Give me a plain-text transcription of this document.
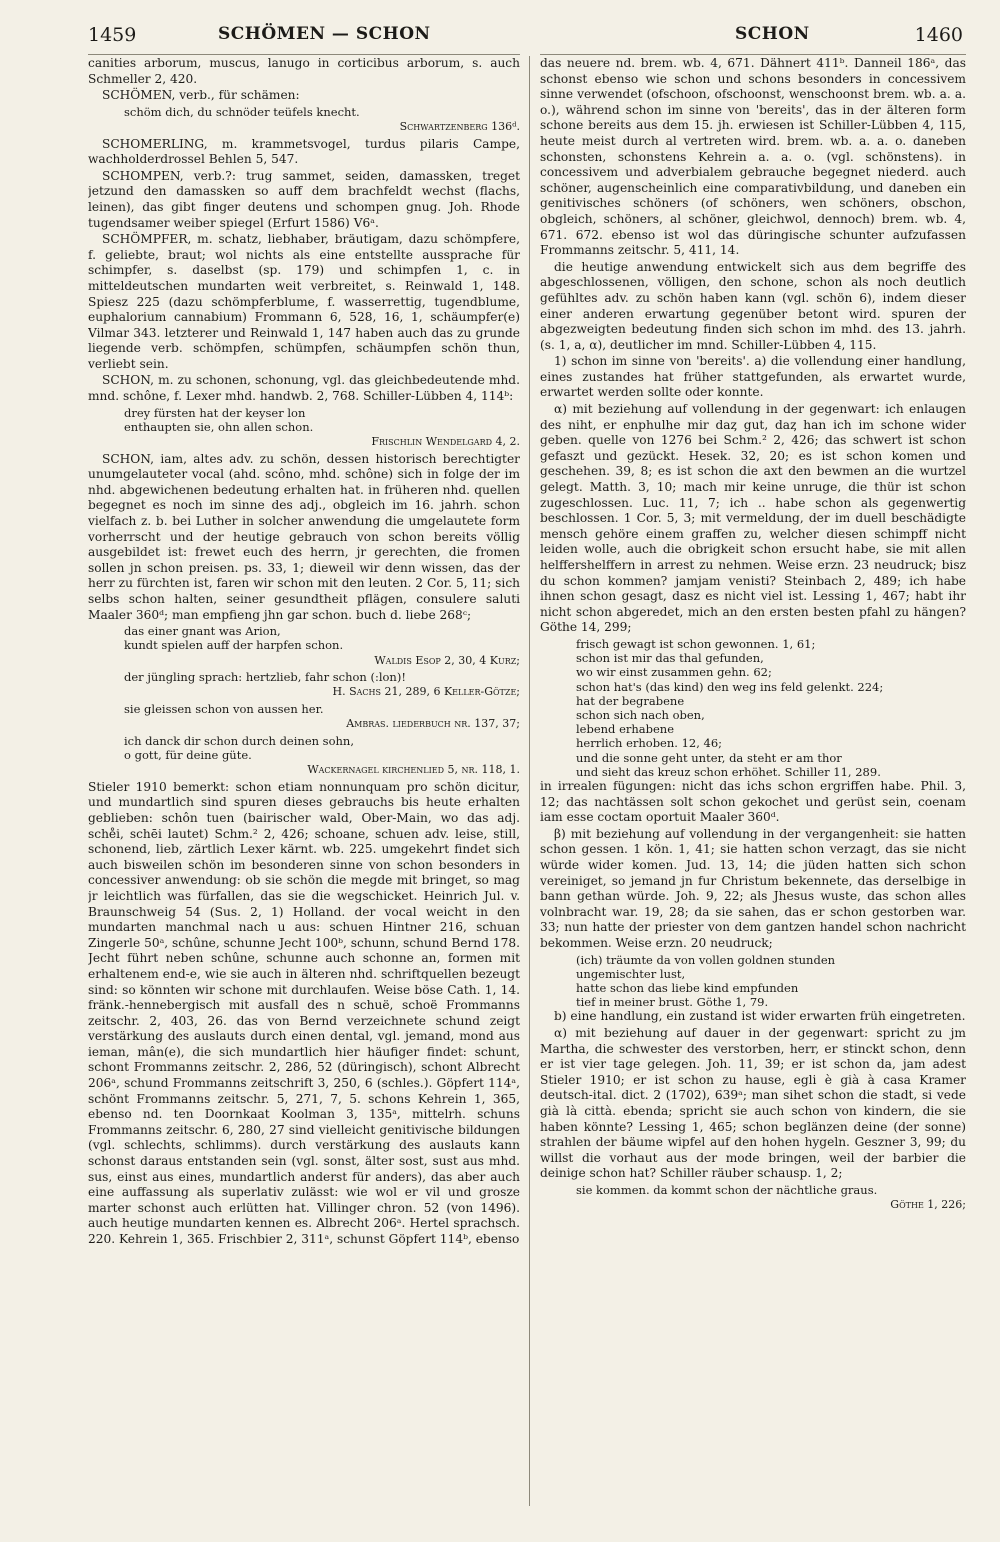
1459	SCHÖMEN — SCHON	SCHON	1460

canities arborum, muscus, lanugo in corticibus arborum, s. auch Schmeller 2, 420.

SCHÖMEN, verb., für schämen:

schöm dich, du schnöder teüfels knecht.
Schwartzenberg 136ᵈ.

SCHOMERLING, m. krammetsvogel, turdus pilaris Campe, wachholderdrossel Behlen 5, 547.

SCHOMPEN, verb.?: trug sammet, seiden, damassken, treget jetzund den damassken so auff dem brachfeldt wechst (flachs, leinen), das gibt finger deutens und schompen gnug. Joh. Rhode tugendsamer weiber spiegel (Erfurt 1586) V6ᵃ.

SCHÖMPFER, m. schatz, liebhaber, bräutigam, dazu schömpfere, f. geliebte, braut; wol nichts als eine entstellte aussprache für schimpfer, s. daselbst (sp. 179) und schimpfen 1, c. in mitteldeutschen mundarten weit verbreitet, s. Reinwald 1, 148. Spiesz 225 (dazu schömpferblume, f. wasserrettig, tugendblume, euphalorium cannabium) Frommann 6, 528, 16, 1, schäumpfer(e) Vilmar 343. letzterer und Reinwald 1, 147 haben auch das zu grunde liegende verb. schömpfen, schümpfen, schäumpfen schön thun, verliebt sein.

SCHON, m. zu schonen, schonung, vgl. das gleichbedeutende mhd. mnd. schône, f. Lexer mhd. handwb. 2, 768. Schiller-Lübben 4, 114ᵇ:

drey fürsten hat der keyser lon
enthaupten sie, ohn allen schon.
Frischlin Wendelgard 4, 2.

SCHON, iam, altes adv. zu schön, dessen historisch berechtigter unumgelauteter vocal (ahd. scôno, mhd. schône) sich in folge der im nhd. abgewichenen bedeutung erhalten hat. in früheren nhd. quellen begegnet es noch im sinne des adj., obgleich im 16. jahrh. schon vielfach z. b. bei Luther in solcher anwendung die umgelautete form vorherrscht und der heutige gebrauch von schon bereits völlig ausgebildet ist: frewet euch des herrn, jr gerechten, die fromen sollen jn schon preisen. ps. 33, 1; dieweil wir denn wissen, das der herr zu fürchten ist, faren wir schon mit den leuten. 2 Cor. 5, 11; sich selbs schon halten, seiner gesundtheit pflägen, consulere saluti Maaler 360ᵈ; man empfieng jhn gar schon. buch d. liebe 268ᶜ;

das einer gnant was Arion,
kundt spielen auff der harpfen schon.
Waldis Esop 2, 30, 4 Kurz;
der jüngling sprach: hertzlieb, fahr schon (:lon)!
H. Sachs 21, 289, 6 Keller-Götze;
sie gleissen schon von aussen her.
Ambras. liederbuch nr. 137, 37;
ich danck dir schon durch deinen sohn,
o gott, für deine güte.
Wackernagel kirchenlied 5, nr. 118, 1.

Stieler 1910 bemerkt: schon etiam nonnunquam pro schön dicitur, und mundartlich sind spuren dieses gebrauchs bis heute erhalten geblieben: schôn tuen (bairischer wald, Ober-Main, wo das adj. sche̊i, schēi lautet) Schm.² 2, 426; schoane, schuen adv. leise, still, schonend, lieb, zärtlich Lexer kärnt. wb. 225. umgekehrt findet sich auch bisweilen schön im besonderen sinne von schon besonders in concessiver anwendung: ob sie schön die megde mit bringet, so mag jr leichtlich was fürfallen, das sie die wegschicket. Heinrich Jul. v. Braunschweig 54 (Sus. 2, 1) Holland. der vocal weicht in den mundarten manchmal nach u aus: schuen Hintner 216, schuan Zingerle 50ᵃ, schûne, schunne Jecht 100ᵇ, schunn, schund Bernd 178. Jecht führt neben schûne, schunne auch schonne an, formen mit erhaltenem end-e, wie sie auch in älteren nhd. schriftquellen bezeugt sind: so könnten wir schone mit durchlaufen. Weise böse Cath. 1, 14. fränk.-hennebergisch mit ausfall des n schuë, schoë Frommanns zeitschr. 2, 403, 26. das von Bernd verzeichnete schund zeigt verstärkung des auslauts durch einen dental, vgl. jemand, mond aus ieman, mân(e), die sich mundartlich hier häufiger findet: schunt, schont Frommanns zeitschr. 2, 286, 52 (düringisch), schont Albrecht 206ᵃ, schund Frommanns zeitschrift 3, 250, 6 (schles.). Göpfert 114ᵃ, schönt Frommanns zeitschr. 5, 271, 7, 5. schons Kehrein 1, 365, ebenso nd. ten Doornkaat Koolman 3, 135ᵃ, mittelrh. schuns Frommanns zeitschr. 6, 280, 27 sind vielleicht genitivische bildungen (vgl. schlechts, schlimms). durch verstärkung des auslauts kann schonst daraus entstanden sein (vgl. sonst, älter sost, sust aus mhd. sus, einst aus eines, mundartlich anderst für anders), das aber auch eine auffassung als superlativ zulässt: wie wol er vil und grosze marter schonst auch erlütten hat. Villinger chron. 52 (von 1496). auch heutige mundarten kennen es. Albrecht 206ᵃ. Hertel sprachsch. 220. Kehrein 1, 365. Frischbier 2, 311ᵃ, schunst Göpfert 114ᵇ, ebenso

das neuere nd. brem. wb. 4, 671. Dähnert 411ᵇ. Danneil 186ᵃ, das schonst ebenso wie schon und schons besonders in concessivem sinne verwendet (ofschoon, ofschoonst, wenschoonst brem. wb. a. a. o.), während schon im sinne von 'bereits', das in der älteren form schone bereits aus dem 15. jh. erwiesen ist Schiller-Lübben 4, 115, heute meist durch al vertreten wird. brem. wb. a. a. o. daneben schonsten, schonstens Kehrein a. a. o. (vgl. schönstens). in concessivem und adverbialem gebrauche begegnet niederd. auch schöner, augenscheinlich eine comparativbildung, und daneben ein genitivisches schöners (of schöners, wen schöners, obschon, obgleich, schöners, al schöner, gleichwol, dennoch) brem. wb. 4, 671. 672. ebenso ist wol das düringische schunter aufzufassen Frommanns zeitschr. 5, 411, 14.

die heutige anwendung entwickelt sich aus dem begriffe des abgeschlossenen, völligen, den schone, schon als noch deutlich gefühltes adv. zu schön haben kann (vgl. schön 6), indem dieser einer anderen erwartung gegenüber betont wird. spuren der abgezweigten bedeutung finden sich schon im mhd. des 13. jahrh. (s. 1, a, α), deutlicher im mnd. Schiller-Lübben 4, 115.

1) schon im sinne von 'bereits'. a) die vollendung einer handlung, eines zustandes hat früher stattgefunden, als erwartet wurde, erwartet werden sollte oder konnte.

α) mit beziehung auf vollendung in der gegenwart: ich enlaugen des niht, er enphulhe mir daȥ gut, daȥ han ich im schone wider geben. quelle von 1276 bei Schm.² 2, 426; das schwert ist schon gefaszt und gezückt. Hesek. 32, 20; es ist schon komen und geschehen. 39, 8; es ist schon die axt den bewmen an die wurtzel gelegt. Matth. 3, 10; mach mir keine unruge, die thür ist schon zugeschlossen. Luc. 11, 7; ich .. habe schon als gegenwertig beschlossen. 1 Cor. 5, 3; mit vermeldung, der im duell beschädigte mensch gehöre einem graffen zu, welcher diesen schimpff nicht leiden wolle, auch die obrigkeit schon ersucht habe, sie mit allen helffershelffern in arrest zu nehmen. Weise erzn. 23 neudruck; bisz du schon kommen? jamjam venisti? Steinbach 2, 489; ich habe ihnen schon gesagt, dasz es nicht viel ist. Lessing 1, 467; habt ihr nicht schon abgeredet, mich an den ersten besten pfahl zu hängen? Göthe 14, 299;

frisch gewagt ist schon gewonnen. 1, 61;
schon ist mir das thal gefunden,
wo wir einst zusammen gehn. 62;
schon hat's (das kind) den weg ins feld gelenkt. 224;
hat der begrabene
schon sich nach oben,
lebend erhabene
herrlich erhoben. 12, 46;
und die sonne geht unter, da steht er am thor
und sieht das kreuz schon erhöhet. Schiller 11, 289.

in irrealen fügungen: nicht das ichs schon ergriffen habe. Phil. 3, 12; das nachtässen solt schon gekochet und gerüst sein, coenam iam esse coctam oportuit Maaler 360ᵈ.

β) mit beziehung auf vollendung in der vergangenheit: sie hatten schon gessen. 1 kön. 1, 41; sie hatten schon verzagt, das sie nicht würde wider komen. Jud. 13, 14; die jüden hatten sich schon vereiniget, so jemand jn fur Christum bekennete, das derselbige in bann gethan würde. Joh. 9, 22; als Jhesus wuste, das schon alles volnbracht war. 19, 28; da sie sahen, das er schon gestorben war. 33; nun hatte der priester von dem gantzen handel schon nachricht bekommen. Weise erzn. 20 neudruck;

(ich) träumte da von vollen goldnen stunden
ungemischter lust,
hatte schon das liebe kind empfunden
tief in meiner brust. Göthe 1, 79.

b) eine handlung, ein zustand ist wider erwarten früh eingetreten.

α) mit beziehung auf dauer in der gegenwart: spricht zu jm Martha, die schwester des verstorben, herr, er stinckt schon, denn er ist vier tage gelegen. Joh. 11, 39; er ist schon da, jam adest Stieler 1910; er ist schon zu hause, egli è già à casa Kramer deutsch-ital. dict. 2 (1702), 639ᵃ; man sihet schon die stadt, si vede già là città. ebenda; spricht sie auch schon von kindern, die sie haben könnte? Lessing 1, 465; schon beglänzen deine (der sonne) strahlen der bäume wipfel auf den hohen hygeln. Geszner 3, 99; du willst die vorhaut aus der mode bringen, weil der barbier die deinige schon hat? Schiller räuber schausp. 1, 2;

sie kommen. da kommt schon der nächtliche graus.
Göthe 1, 226;
